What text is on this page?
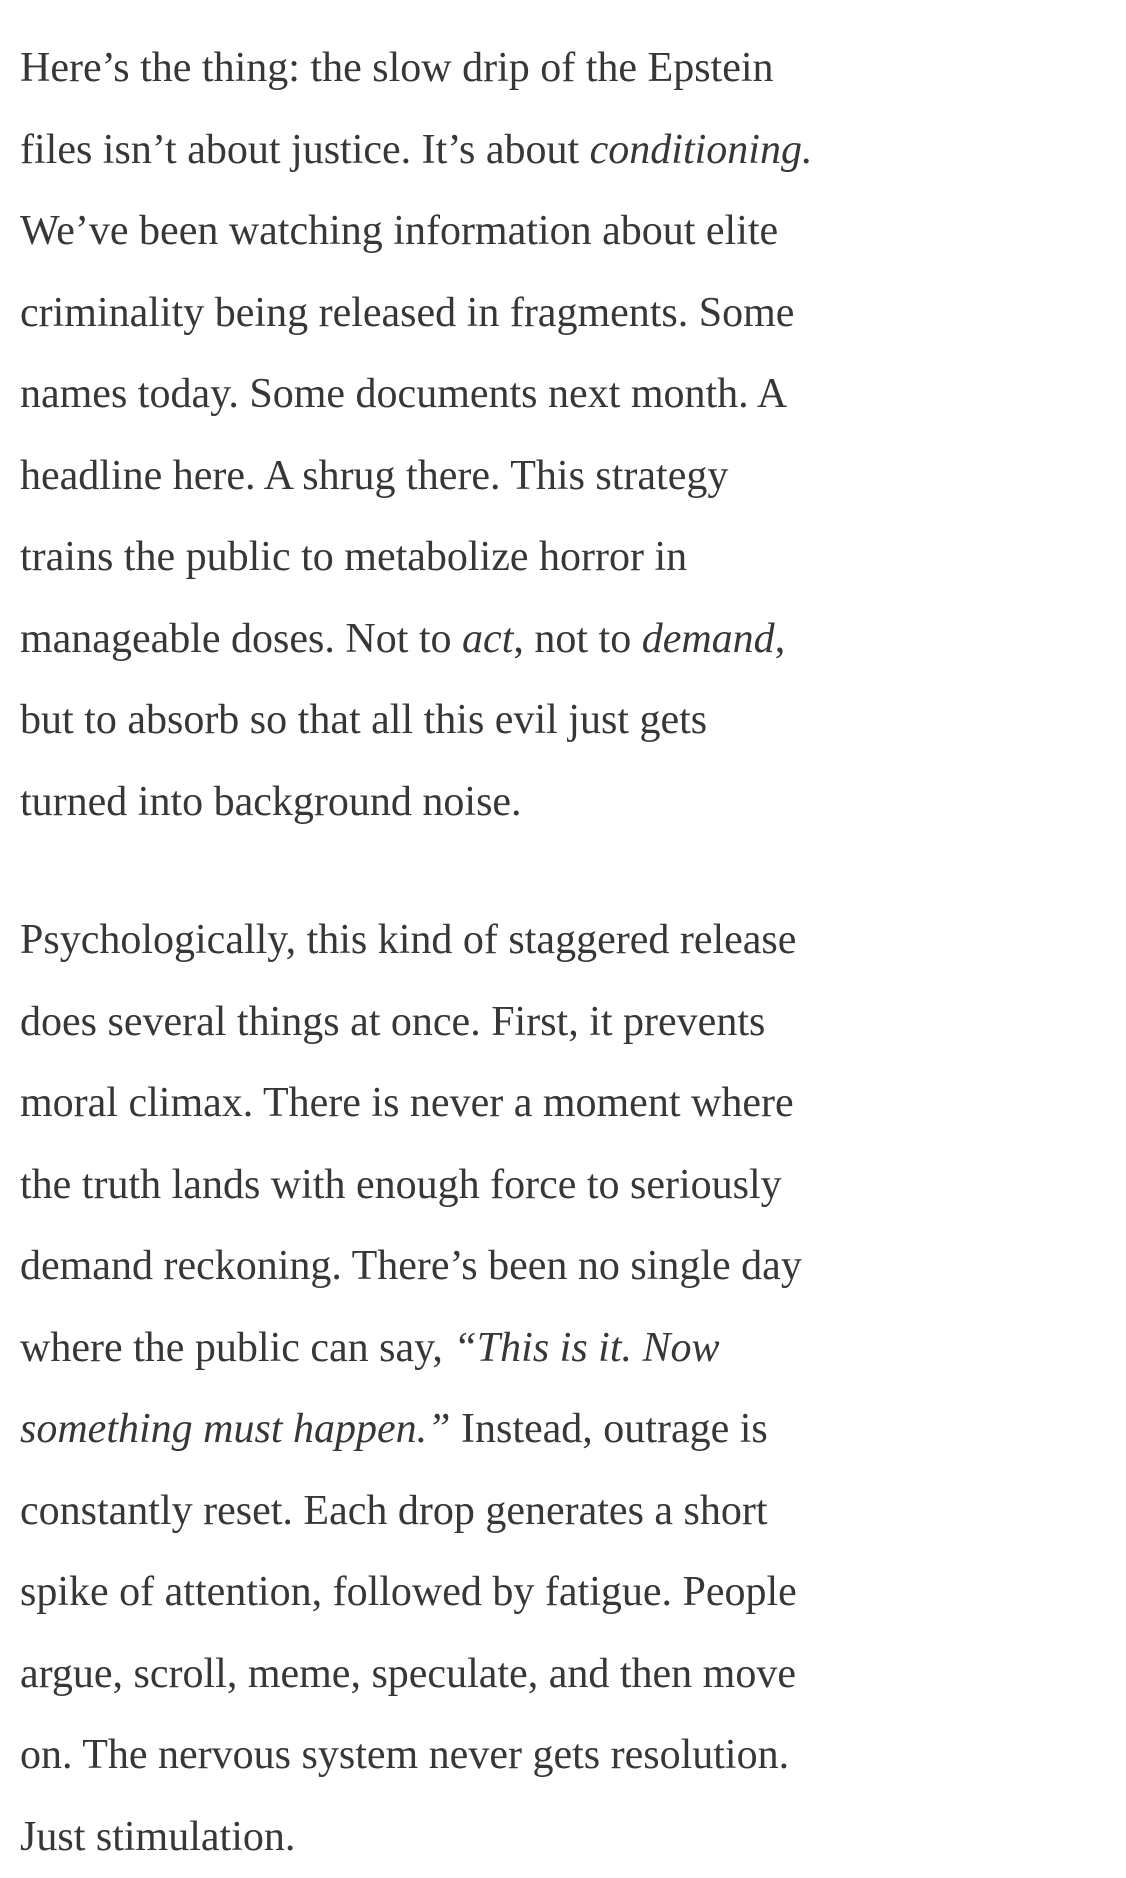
Here’s the thing: the slow drip of the Epstein
files isn’t about justice. It’s about conditioning.
We’ve been watching information about elite
criminality being released in fragments. Some
names today. Some documents next month. A
headline here. A shrug there. This strategy
trains the public to metabolize horror in
manageable doses. Not to act, not to demand,
but to absorb so that all this evil just gets
turned into background noise.

Psychologically, this kind of staggered release
does several things at once. First, it prevents
moral climax. There is never a moment where
the truth lands with enough force to seriously
demand reckoning. There’s been no single day
where the public can say, “This is it. Now
something must happen.” Instead, outrage is
constantly reset. Each drop generates a short
spike of attention, followed by fatigue. People
argue, scroll, meme, speculate, and then move
on. The nervous system never gets resolution.
Just stimulation.
